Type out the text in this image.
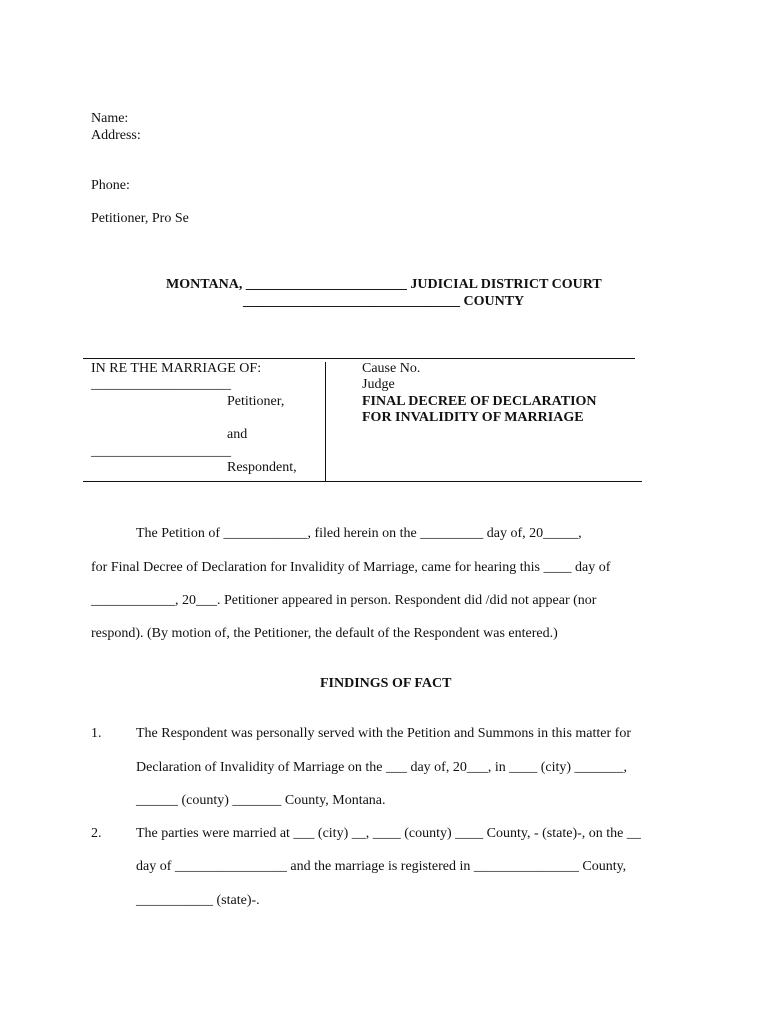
Name:
Address:
Phone:
Petitioner, Pro Se
MONTANA, _______________________ JUDICIAL DISTRICT COURT
_______________________________ COUNTY
IN RE THE MARRIAGE OF:
____________________
Petitioner,
and
____________________
Respondent,
Cause No.
Judge
FINAL DECREE OF DECLARATION
FOR INVALIDITY OF MARRIAGE
The Petition of ____________, filed herein on the _________ day of, 20_____,
for Final Decree of Declaration for Invalidity of Marriage, came for hearing this ____ day of
____________, 20___. Petitioner appeared in person. Respondent did /did not appear (nor
respond). (By motion of, the Petitioner, the default of the Respondent was entered.)
FINDINGS OF FACT
1. The Respondent was personally served with the Petition and Summons in this matter for
Declaration of Invalidity of Marriage on the ___ day of, 20___, in ____ (city) _______,
______ (county) _______ County, Montana.
2. The parties were married at ___ (city) __, ____ (county) ____ County, - (state)-, on the __
day of ________________ and the marriage is registered in _______________ County,
___________ (state)-.
